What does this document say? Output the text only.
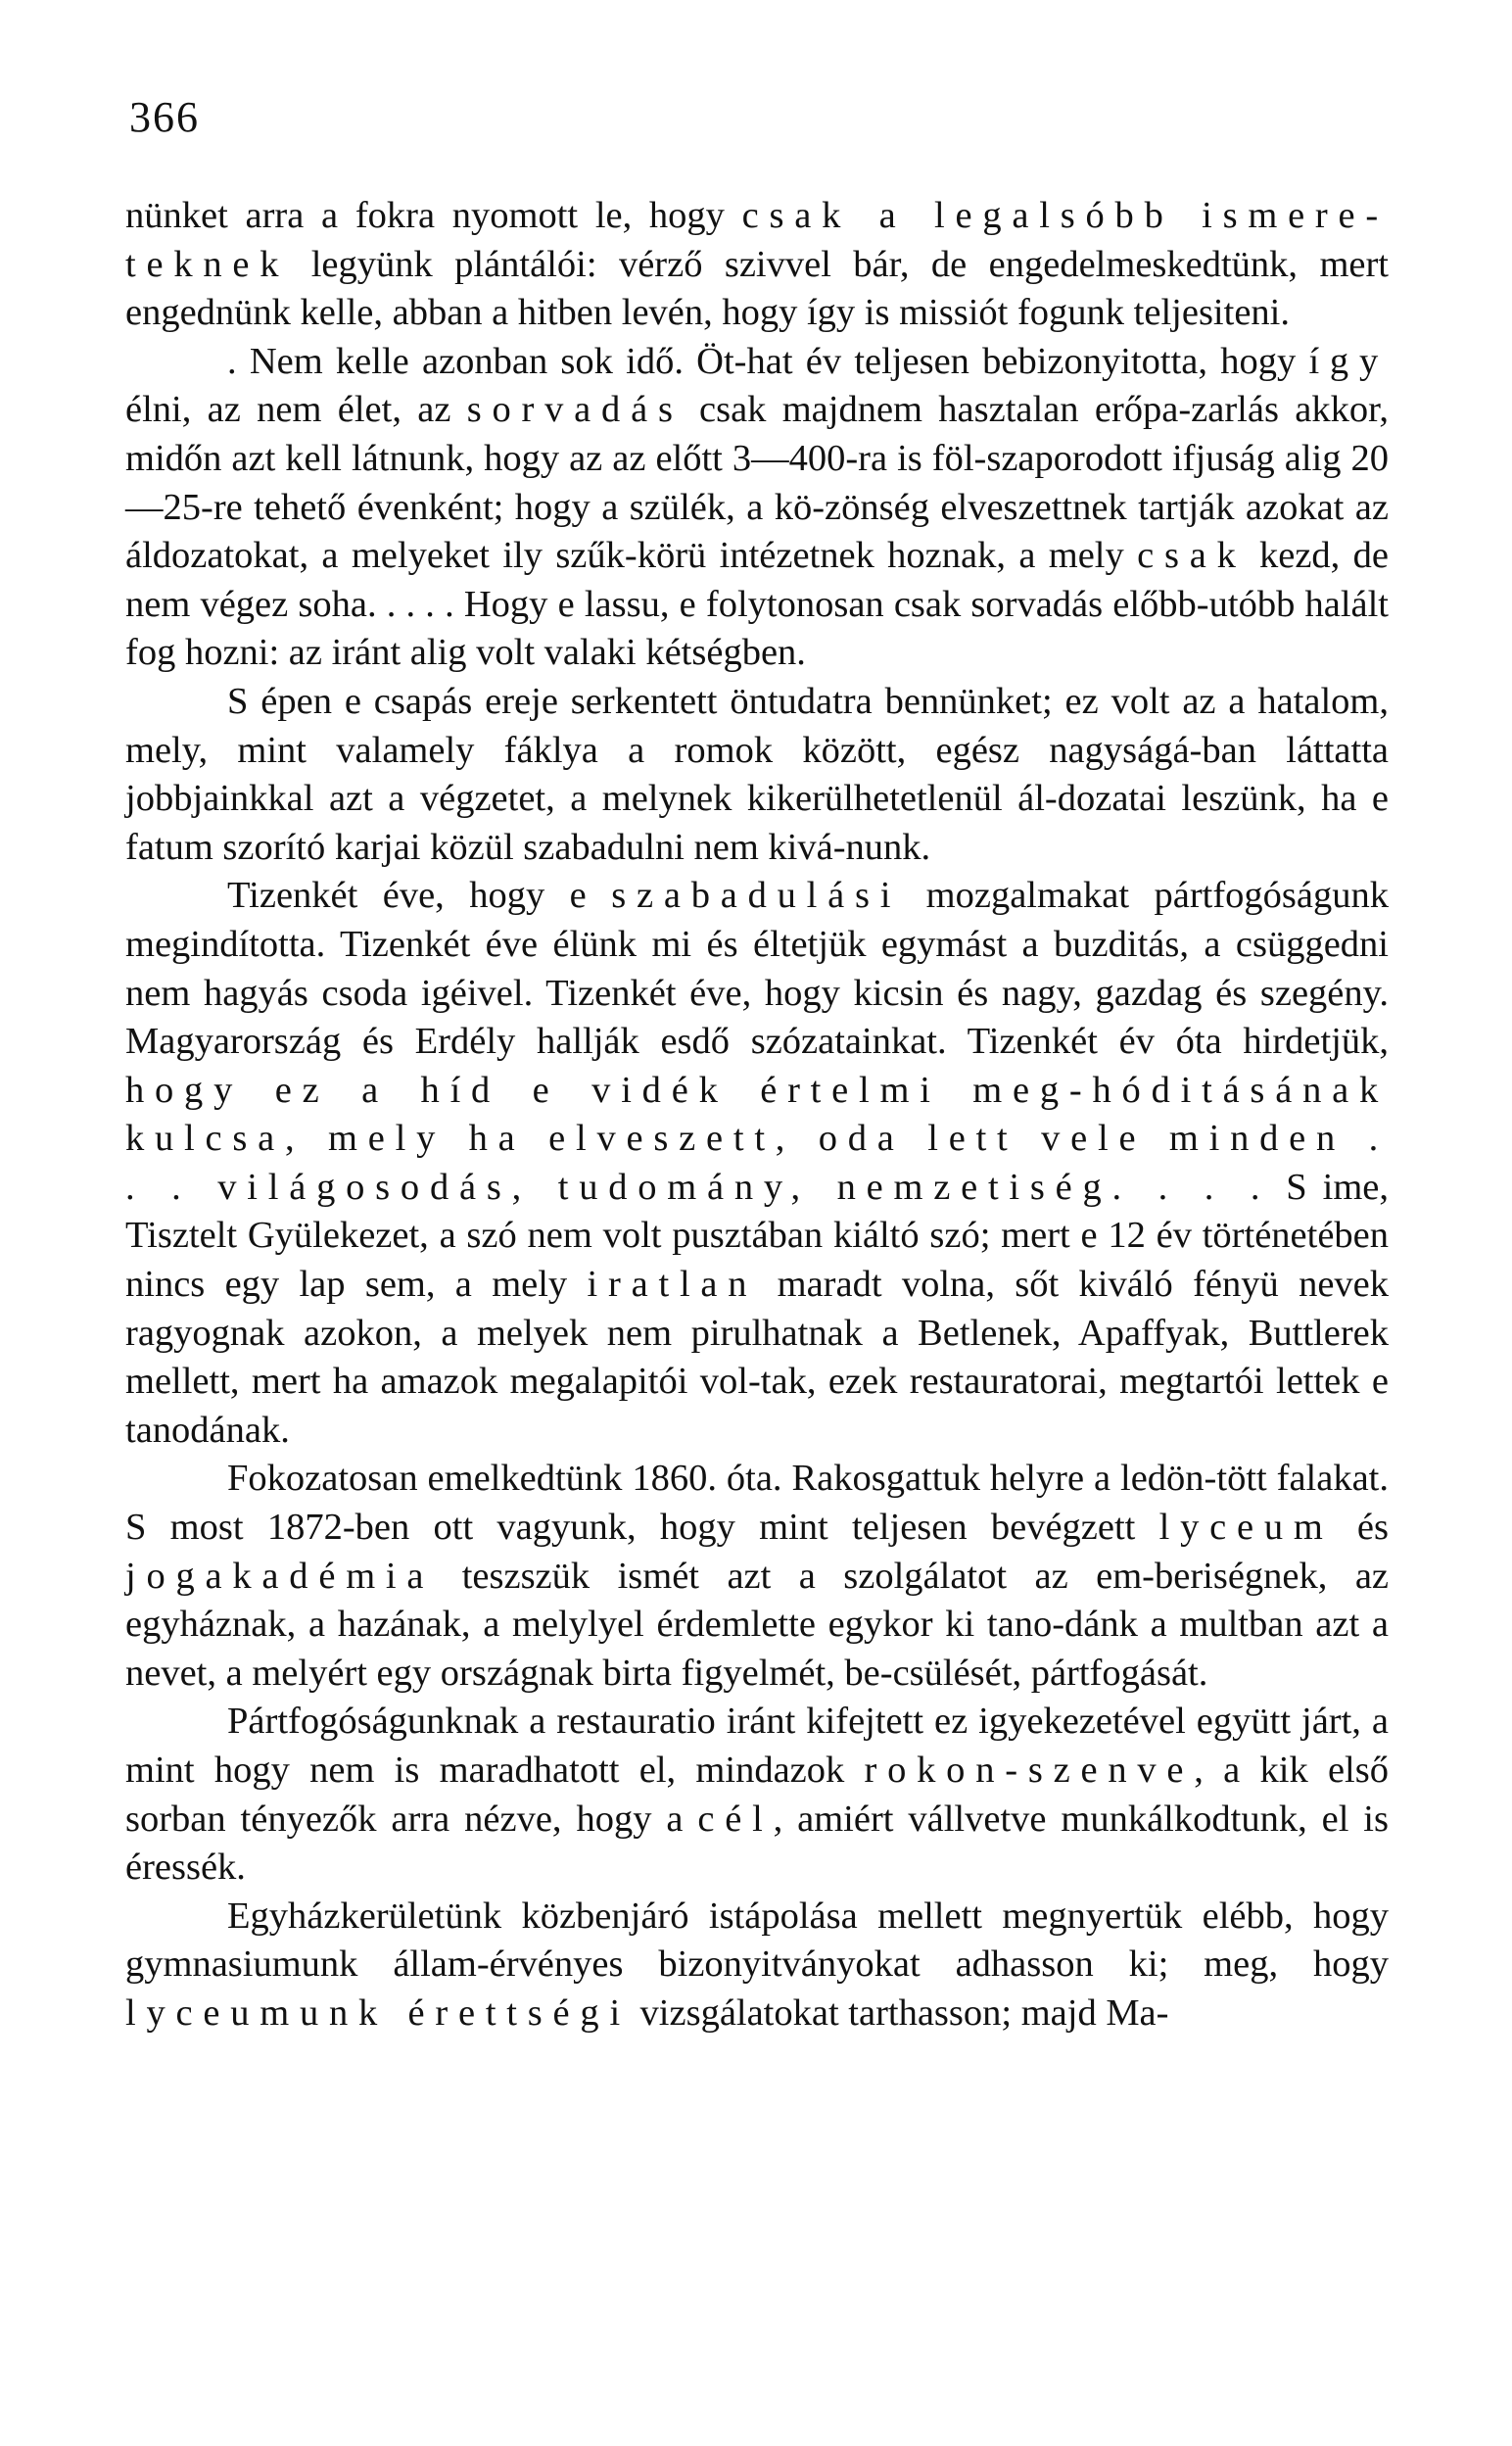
366

nünket arra a fokra nyomott le, hogy csak a legalsóbb ismere-teknek legyünk plántálói: vérző szivvel bár, de engedelmeskedtünk, mert engednünk kelle, abban a hitben levén, hogy így is missiót fogunk teljesiteni.

. Nem kelle azonban sok idő. Öt-hat év teljesen bebizonyitotta, hogy így élni, az nem élet, az sorvadás csak majdnem hasztalan erőpa-zarlás akkor, midőn azt kell látnunk, hogy az az előtt 3—400-ra is föl-szaporodott ifjuság alig 20—25-re tehető évenként; hogy a szülék, a kö-zönség elveszettnek tartják azokat az áldozatokat, a melyeket ily szűk-körü intézetnek hoznak, a mely csak kezd, de nem végez soha. . . . . Hogy e lassu, e folytonosan csak sorvadás előbb-utóbb halált fog hozni: az iránt alig volt valaki kétségben.

S épen e csapás ereje serkentett öntudatra bennünket; ez volt az a hatalom, mely, mint valamely fáklya a romok között, egész nagyságá-ban láttatta jobbjainkkal azt a végzetet, a melynek kikerülhetetlenül ál-dozatai leszünk, ha e fatum szorító karjai közül szabadulni nem kivá-nunk.

Tizenkét éve, hogy e szabadulási mozgalmakat pártfogóságunk megindította. Tizenkét éve élünk mi és éltetjük egymást a buzditás, a csüggedni nem hagyás csoda igéivel. Tizenkét éve, hogy kicsin és nagy, gazdag és szegény. Magyarország és Erdély hallják esdő szózatainkat. Tizenkét év óta hirdetjük, hogy ez a híd e vidék értelmi meg-hóditásának kulcsa, mely ha elveszett, oda lett vele minden . . . világosodás, tudomány, nemzetiség. . . . S ime, Tisztelt Gyülekezet, a szó nem volt pusztában kiáltó szó; mert e 12 év történetében nincs egy lap sem, a mely iratlan maradt volna, sőt kiváló fényü nevek ragyognak azokon, a melyek nem pirulhatnak a Betlenek, Apaffyak, Buttlerek mellett, mert ha amazok megalapitói vol-tak, ezek restauratorai, megtartói lettek e tanodának.

Fokozatosan emelkedtünk 1860. óta. Rakosgattuk helyre a ledön-tött falakat. S most 1872-ben ott vagyunk, hogy mint teljesen bevégzett lyceum és jogakadémia teszszük ismét azt a szolgálatot az em-beriségnek, az egyháznak, a hazának, a melylyel érdemlette egykor ki tano-dánk a multban azt a nevet, a melyért egy országnak birta figyelmét, be-csülését, pártfogását.

Pártfogóságunknak a restauratio iránt kifejtett ez igyekezetével együtt járt, a mint hogy nem is maradhatott el, mindazok rokon-szenve, a kik első sorban tényezők arra nézve, hogy a cél, amiért vállvetve munkálkodtunk, el is éressék.

Egyházkerületünk közbenjáró istápolása mellett megnyertük elébb, hogy gymnasiumunk állam-érvényes bizonyitványokat adhasson ki; meg, hogy lyceumunk érettségi vizsgálatokat tarthasson; majd Ma-
